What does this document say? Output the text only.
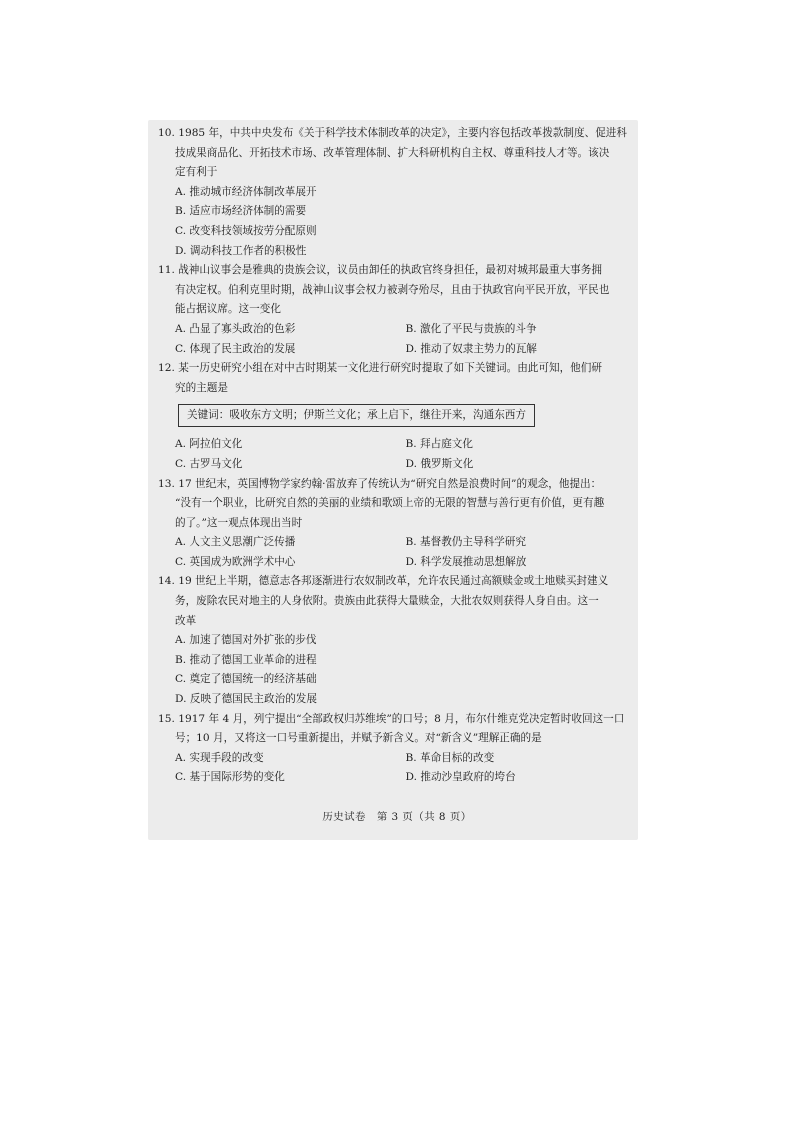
10. 1985 年，中共中央发布《关于科学技术体制改革的决定》，主要内容包括改革拨款制度、促进科
技成果商品化、开拓技术市场、改革管理体制、扩大科研机构自主权、尊重科技人才等。该决
定有利于
A. 推动城市经济体制改革展开
B. 适应市场经济体制的需要
C. 改变科技领域按劳分配原则
D. 调动科技工作者的积极性
11. 战神山议事会是雅典的贵族会议，议员由卸任的执政官终身担任，最初对城邦最重大事务拥
有决定权。伯利克里时期，战神山议事会权力被剥夺殆尽，且由于执政官向平民开放，平民也
能占据议席。这一变化
A. 凸显了寡头政治的色彩	B. 激化了平民与贵族的斗争
C. 体现了民主政治的发展	D. 推动了奴隶主势力的瓦解
12. 某一历史研究小组在对中古时期某一文化进行研究时提取了如下关键词。由此可知，他们研
究的主题是
关键词：吸收东方文明；伊斯兰文化；承上启下，继往开来，沟通东西方
A. 阿拉伯文化	B. 拜占庭文化
C. 古罗马文化	D. 俄罗斯文化
13. 17 世纪末，英国博物学家约翰·雷放弃了传统认为“研究自然是浪费时间”的观念，他提出：
“没有一个职业，比研究自然的美丽的业绩和歌颂上帝的无限的智慧与善行更有价值，更有趣
的了。”这一观点体现出当时
A. 人文主义思潮广泛传播	B. 基督教仍主导科学研究
C. 英国成为欧洲学术中心	D. 科学发展推动思想解放
14. 19 世纪上半期，德意志各邦逐渐进行农奴制改革，允许农民通过高额赎金或土地赎买封建义
务，废除农民对地主的人身依附。贵族由此获得大量赎金，大批农奴则获得人身自由。这一
改革
A. 加速了德国对外扩张的步伐
B. 推动了德国工业革命的进程
C. 奠定了德国统一的经济基础
D. 反映了德国民主政治的发展
15. 1917 年 4 月，列宁提出“全部政权归苏维埃”的口号；8 月，布尔什维克党决定暂时收回这一口
号；10 月，又将这一口号重新提出，并赋予新含义。对“新含义”理解正确的是
A. 实现手段的改变	B. 革命目标的改变
C. 基于国际形势的变化	D. 推动沙皇政府的垮台
历史试卷　第 3 页（共 8 页）
